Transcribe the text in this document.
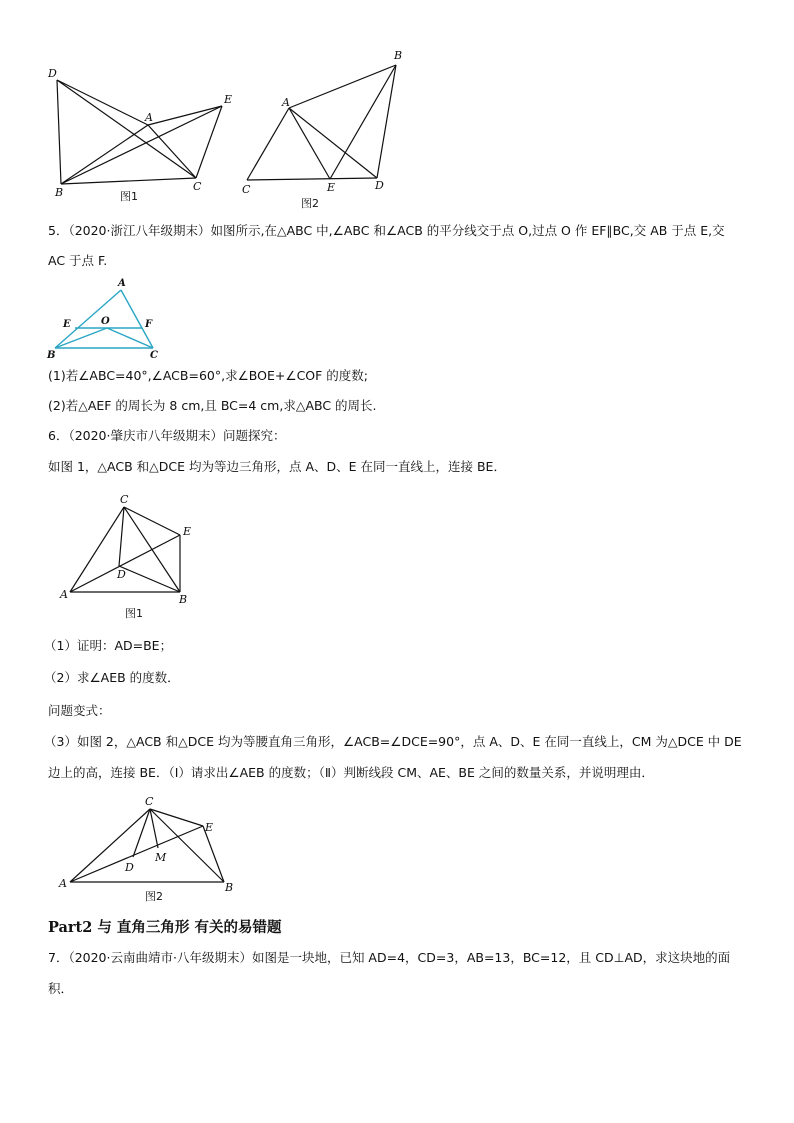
D
A
E
B	C
图1
B
A
C	E	D
图2
5．（2020·浙江八年级期末）如图所示,在△ABC 中,∠ABC 和∠ACB 的平分线交于点 O,过点 O 作 EF∥BC,交 AB 于点 E,交
AC 于点 F.
A
E	O	F
B	C
(1)若∠ABC=40°,∠ACB=60°,求∠BOE+∠COF 的度数;
(2)若△AEF 的周长为 8 cm,且 BC=4 cm,求△ABC 的周长.
6．（2020·肇庆市八年级期末）问题探究：
如图 1，△ACB 和△DCE 均为等边三角形，点 A、D、E 在同一直线上，连接 BE．
C
E
D
A	B
图1
（1）证明：AD=BE；
（2）求∠AEB 的度数．
问题变式：
（3）如图 2，△ACB 和△DCE 均为等腰直角三角形，∠ACB=∠DCE=90°，点 A、D、E 在同一直线上，CM 为△DCE 中 DE
边上的高，连接 BE．（Ⅰ）请求出∠AEB 的度数；（Ⅱ）判断线段 CM、AE、BE 之间的数量关系，并说明理由．
C
E
M
D
A	B
图2
Part2 与 直角三角形 有关的易错题
7．（2020·云南曲靖市·八年级期末）如图是一块地，已知 AD=4，CD=3，AB=13，BC=12，且 CD⊥AD，求这块地的面
积．
